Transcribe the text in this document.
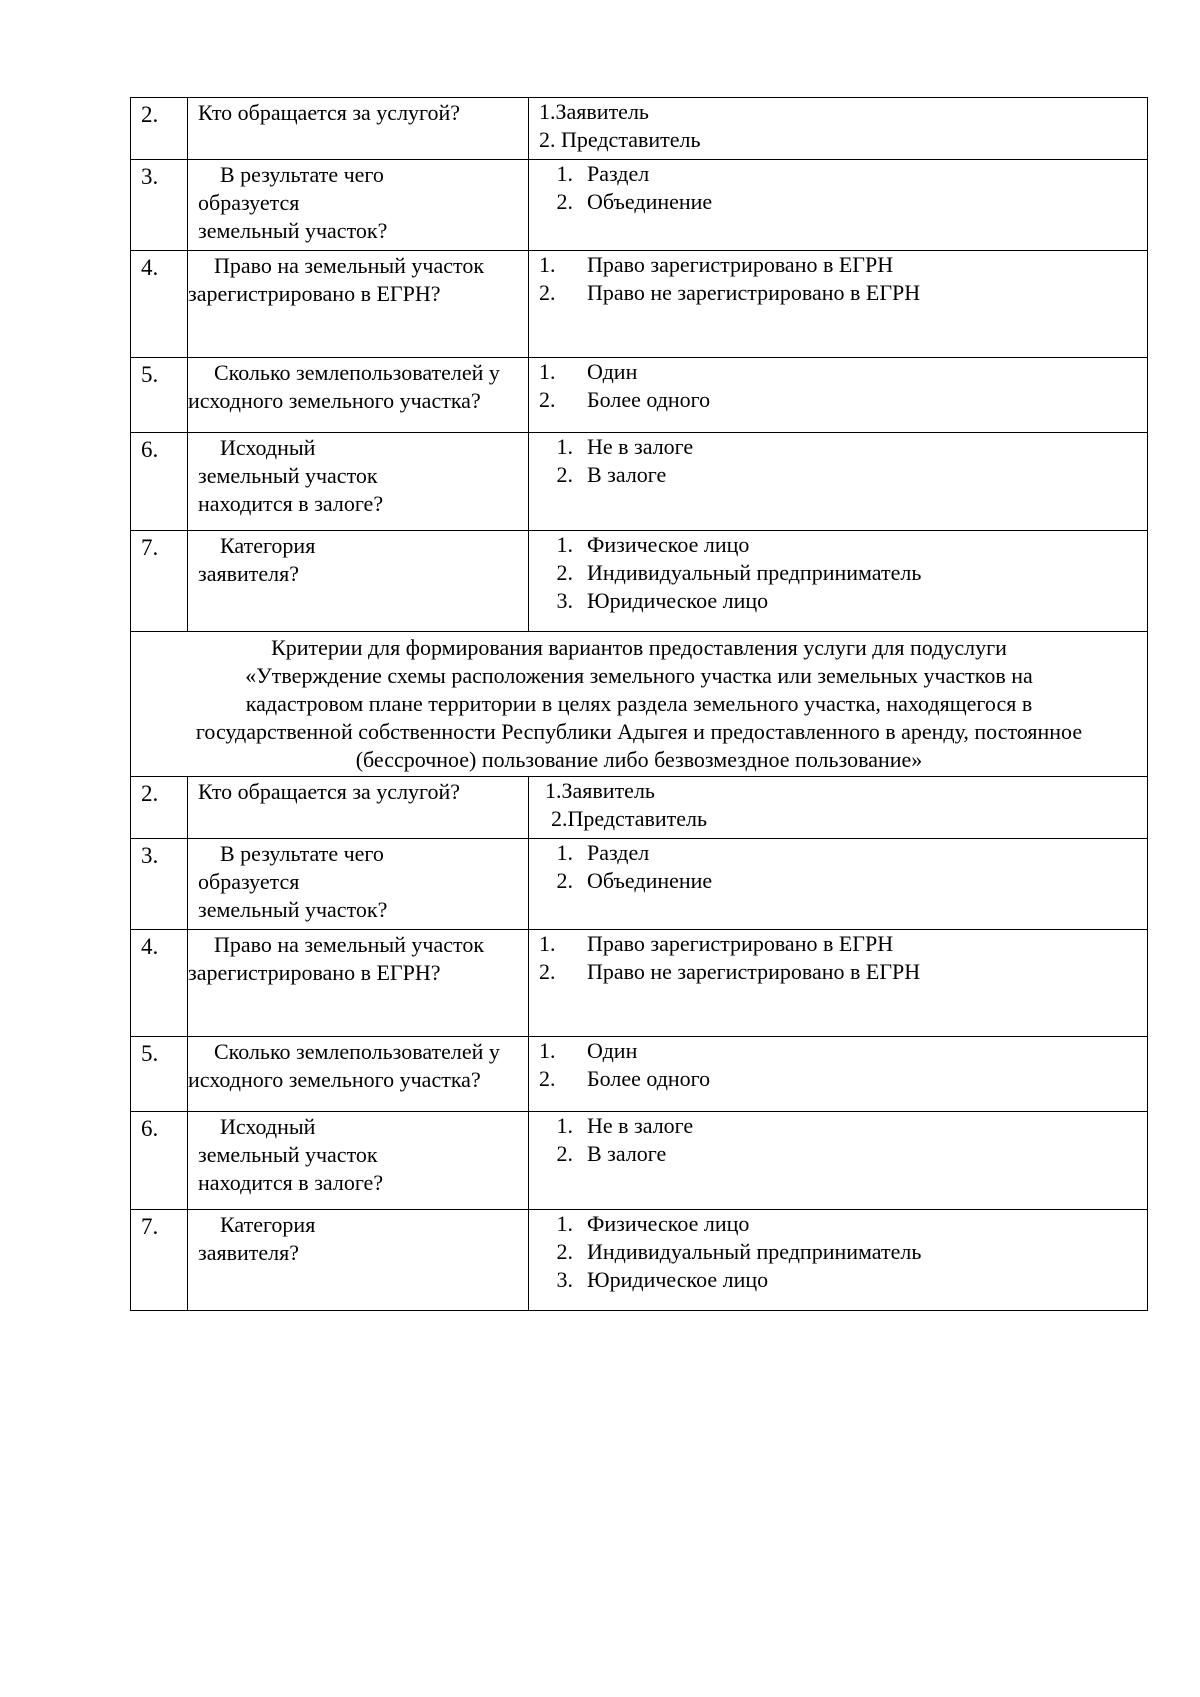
2.	Кто обращается за услугой?	1.Заявитель
2. Представитель

3.	В результате чего
образуется
земельный участок?	1. Раздел
2. Объединение

4.	Право на земельный участок
зарегистрировано в ЕГРН?	1. Право зарегистрировано в ЕГРН
2. Право не зарегистрировано в ЕГРН

5.	Сколько землепользователей у
исходного земельного участка?	1. Один
2. Более одного

6.	Исходный
земельный участок
находится в залоге?	1. Не в залоге
2. В залоге

7.	Категория
заявителя?	1. Физическое лицо
2. Индивидуальный предприниматель
3. Юридическое лицо

Критерии для формирования вариантов предоставления услуги для подуслуги
«Утверждение схемы расположения земельного участка или земельных участков на
кадастровом плане территории в целях раздела земельного участка, находящегося в
государственной собственности Республики Адыгея и предоставленного в аренду, постоянное
(бессрочное) пользование либо безвозмездное пользование»		

2.	Кто обращается за услугой?	1.Заявитель
2.Представитель

3.	В результате чего
образуется
земельный участок?	1. Раздел
2. Объединение

4.	Право на земельный участок
зарегистрировано в ЕГРН?	1. Право зарегистрировано в ЕГРН
2. Право не зарегистрировано в ЕГРН

5.	Сколько землепользователей у
исходного земельного участка?	1. Один
2. Более одного

6.	Исходный
земельный участок
находится в залоге?	1. Не в залоге
2. В залоге

7.	Категория
заявителя?	1. Физическое лицо
2. Индивидуальный предприниматель
3. Юридическое лицо
